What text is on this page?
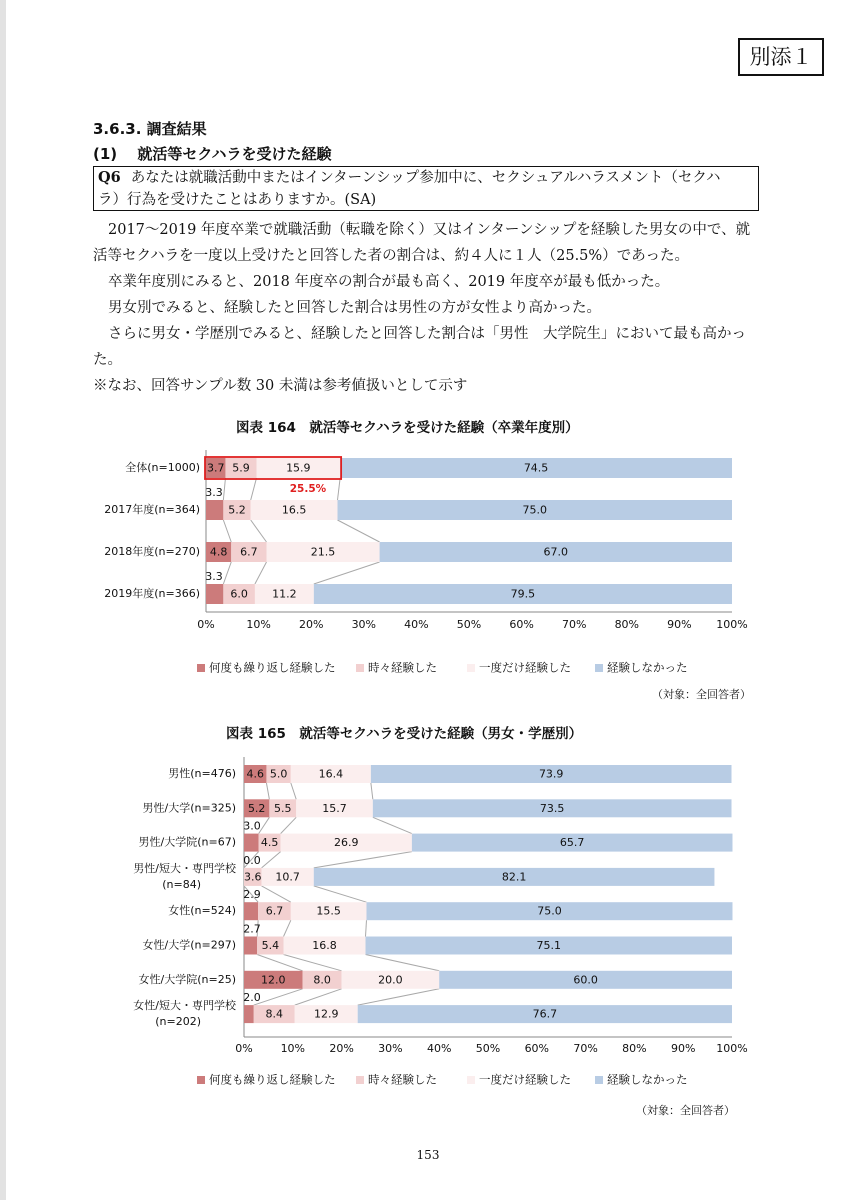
別添１
3.6.3. 調査結果
(1)　 就活等セクハラを受けた経験
Q6 あなたは就職活動中またはインターンシップ参加中に、セクシュアルハラスメント（セクハ
ラ）行為を受けたことはありますか。(SA)
2017～2019 年度卒業で就職活動（転職を除く）又はインターンシップを経験した男女の中で、就
活等セクハラを一度以上受けたと回答した者の割合は、約４人に１人（25.5%）であった。
卒業年度別にみると、2018 年度卒の割合が最も高く、2019 年度卒が最も低かった。
男女別でみると、経験したと回答した割合は男性の方が女性より高かった。
さらに男女・学歴別でみると、経験したと回答した割合は「男性　大学院生」において最も高かっ
た。
※なお、回答サンプル数 30 未満は参考値扱いとして示す
図表 164　就活等セクハラを受けた経験（卒業年度別）
図表 165　就活等セクハラを受けた経験（男女・学歴別）
3.7 5.9	15.9	74.5
全体(n=1000)
3.3
5.2	16.5	75.0
2017年度(n=364)
4.8 6.7	21.5	67.0
2018年度(n=270)
3.3
6.0 11.2	79.5
2019年度(n=366)
0%	10%	20%	30%	40%	50%	60%	70%	80%	90% 100%
何度も繰り返し経験した	時々経験した	一度だけ経験した	経験しなかった
25.5%
4.6 5.0	16.4	73.9
男性(n=476)
5.2 5.5	15.7	73.5
男性/大学(n=325)
3.0
4.5	26.9	65.7
男性/大学院(n=67)
0.0
3.6 10.7	82.1
男性/短大・専門学校
(n=84)
2.9
6.7	15.5	75.0
女性(n=524)
2.7
5.4	16.8	75.1
女性/大学(n=297)
12.0	8.0	20.0	60.0
女性/大学院(n=25)
2.0
8.4	12.9	76.7
女性/短大・専門学校
(n=202)
0%	10% 20% 30% 40% 50% 60% 70% 80% 90% 100%
何度も繰り返し経験した	時々経験した	一度だけ経験した	経験しなかった
（対象：全回答者）
（対象：全回答者）
153
